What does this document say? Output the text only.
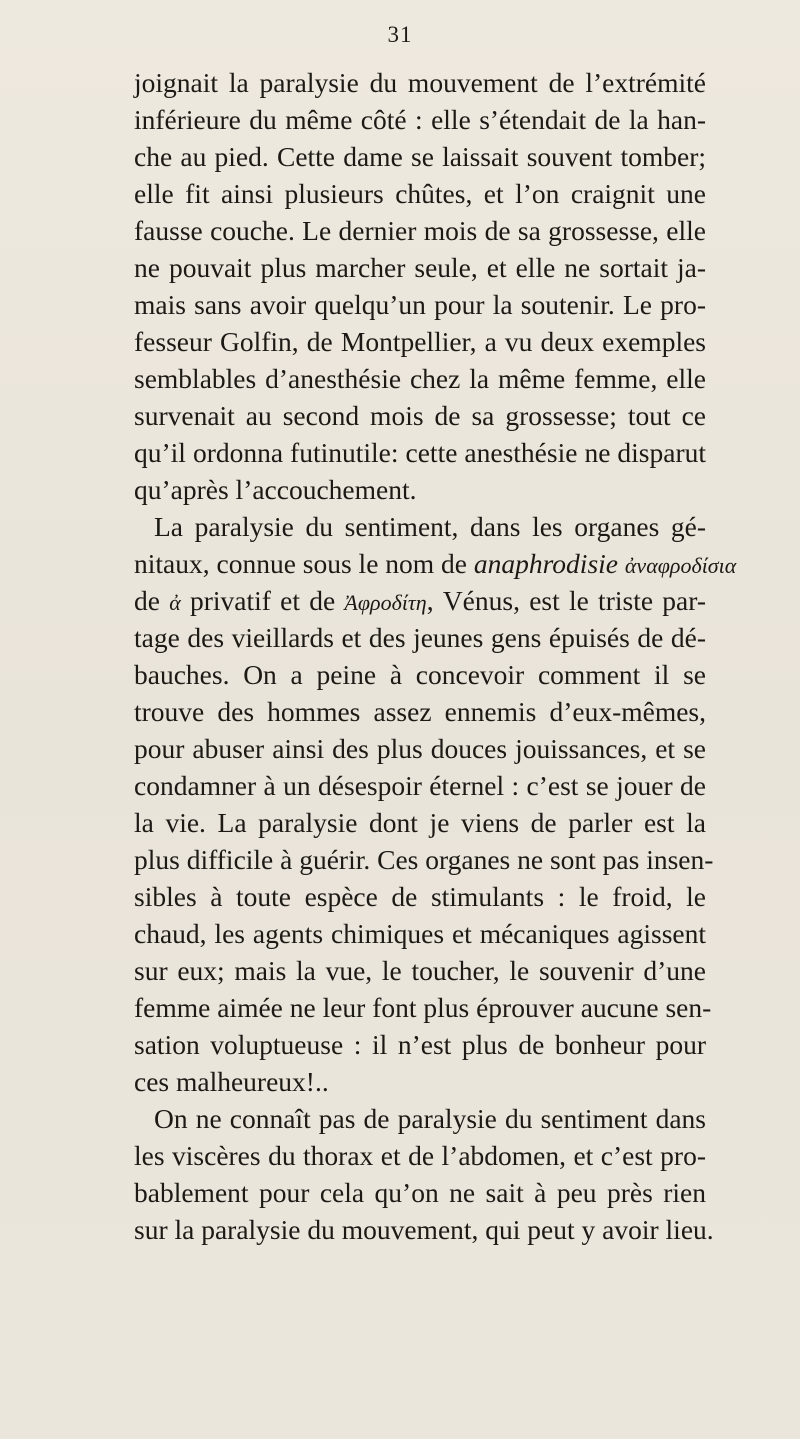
31
joignait la paralysie du mouvement de l’extrémité
inférieure du même côté : elle s’étendait de la han-
che au pied. Cette dame se laissait souvent tomber;
elle fit ainsi plusieurs chûtes, et l’on craignit une
fausse couche. Le dernier mois de sa grossesse, elle
ne pouvait plus marcher seule, et elle ne sortait ja-
mais sans avoir quelqu’un pour la soutenir. Le pro-
fesseur Golfin, de Montpellier, a vu deux exemples
semblables d’anesthésie chez la même femme, elle
survenait au second mois de sa grossesse; tout ce
qu’il ordonna futinutile: cette anesthésie ne disparut
qu’après l’accouchement.
La paralysie du sentiment, dans les organes gé-
nitaux, connue sous le nom de anaphrodisie ἀναφροδίσια
de ἀ privatif et de Ἀφροδίτη, Vénus, est le triste par-
tage des vieillards et des jeunes gens épuisés de dé-
bauches. On a peine à concevoir comment il se
trouve des hommes assez ennemis d’eux-mêmes,
pour abuser ainsi des plus douces jouissances, et se
condamner à un désespoir éternel : c’est se jouer de
la vie. La paralysie dont je viens de parler est la
plus difficile à guérir. Ces organes ne sont pas insen-
sibles à toute espèce de stimulants : le froid, le
chaud, les agents chimiques et mécaniques agissent
sur eux; mais la vue, le toucher, le souvenir d’une
femme aimée ne leur font plus éprouver aucune sen-
sation voluptueuse : il n’est plus de bonheur pour
ces malheureux!..
On ne connaît pas de paralysie du sentiment dans
les viscères du thorax et de l’abdomen, et c’est pro-
bablement pour cela qu’on ne sait à peu près rien
sur la paralysie du mouvement, qui peut y avoir lieu.
